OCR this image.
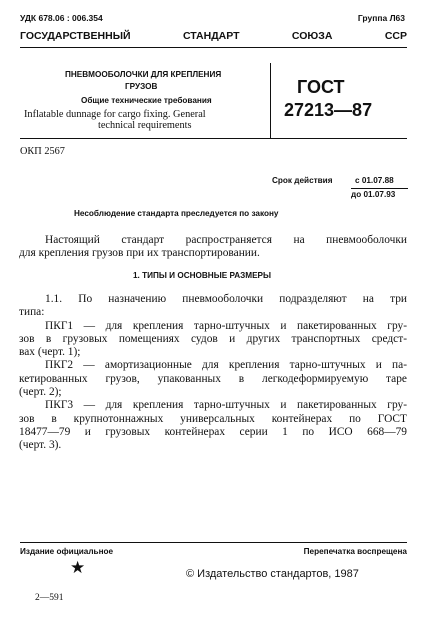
УДК 678.06 : 006.354	Группа Л63
ГОСУДАРСТВЕННЫЙ СТАНДАРТ СОЮЗА ССР
ПНЕВМООБОЛОЧКИ ДЛЯ КРЕПЛЕНИЯ
ГРУЗОВ
Общие технические требования
Inflatable dunnage for cargo fixing. General
technical requirements
ГОСТ
27213—87
ОКП 2567
Срок действия	с 01.07.88
до 01.07.93
Несоблюдение стандарта преследуется по закону
Настоящий стандарт распространяется на пневмооболочки
для крепления грузов при их транспортировании.
1. ТИПЫ И ОСНОВНЫЕ РАЗМЕРЫ
1.1. По назначению пневмооболочки подразделяют на три
типа:
ПКГ1 — для крепления тарно-штучных и пакетированных гру-
зов в грузовых помещениях судов и других транспортных средст-
вах (черт. 1);
ПКГ2 — амортизационные для крепления тарно-штучных и па-
кетированных грузов, упакованных в легкодеформируемую таре
(черт. 2);
ПКГ3 — для крепления тарно-штучных и пакетированных гру-
зов в крупнотоннажных универсальных контейнерах по ГОСТ
18477—79 и грузовых контейнерах серии 1 по ИСО 668—79
(черт. 3).
Издание официальное	Перепечатка воспрещена
★	© Издательство стандартов, 1987
2—591
